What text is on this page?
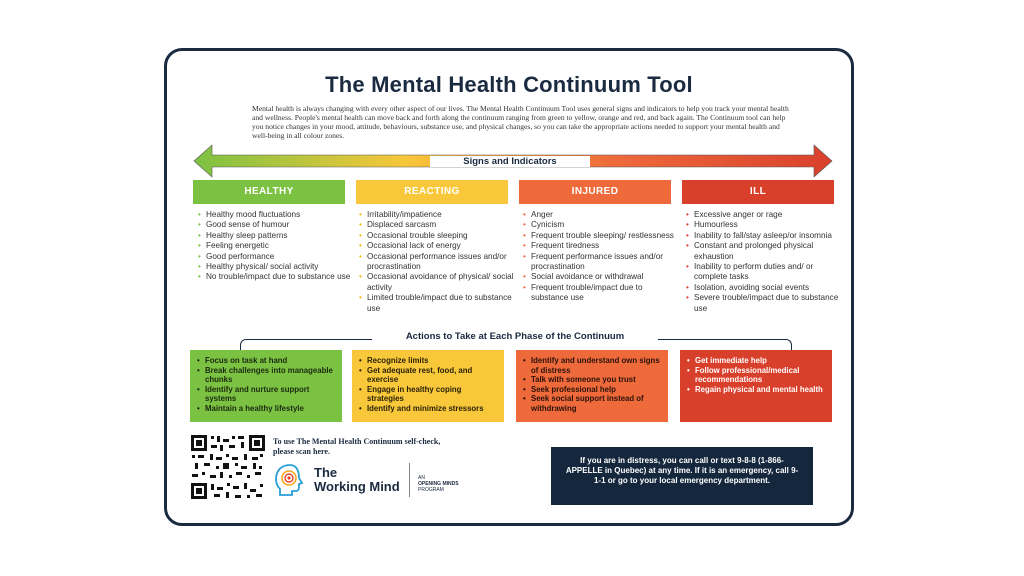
The Mental Health Continuum Tool
Mental health is always changing with every other aspect of our lives. The Mental Health Continuum Tool uses general signs and indicators to help you track your mental health and wellness. People's mental health can move back and forth along the continuum ranging from green to yellow, orange and red, and back again. The Continuum tool can help you notice changes in your mood, attitude, behaviours, substance use, and physical changes, so you can take the appropriate actions needed to support your mental health and well-being in all colour zones.
Signs and Indicators
HEALTHY	REACTING	INJURED	ILL
• Healthy mood fluctuations
• Good sense of humour
• Healthy sleep patterns
• Feeling energetic
• Good performance
• Healthy physical/ social activity
• No trouble/impact due to substance use
• Irritability/impatience
• Displaced sarcasm
• Occasional trouble sleeping
• Occasional lack of energy
• Occasional performance issues and/or procrastination
• Occasional avoidance of physical/ social activity
• Limited trouble/impact due to substance use
• Anger
• Cynicism
• Frequent trouble sleeping/ restlessness
• Frequent tiredness
• Frequent performance issues and/or procrastination
• Social avoidance or withdrawal
• Frequent trouble/impact due to substance use
• Excessive anger or rage
• Humourless
• Inability to fall/stay asleep/or insomnia
• Constant and prolonged physical exhaustion
• Inability to perform duties and/ or complete tasks
• Isolation, avoiding social events
• Severe trouble/impact due to substance use
Actions to Take at Each Phase of the Continuum
• Focus on task at hand
• Break challenges into manageable chunks
• Identify and nurture support systems
• Maintain a healthy lifestyle
• Recognize limits
• Get adequate rest, food, and exercise
• Engage in healthy coping strategies
• Identify and minimize stressors
• Identify and understand own signs of distress
• Talk with someone you trust
• Seek professional help
• Seek social support instead of withdrawing
• Get immediate help
• Follow professional/medical recommendations
• Regain physical and mental health
To use The Mental Health Continuum self-check, please scan here.
The
Working Mind
AN
OPENING MINDS
PROGRAM
If you are in distress, you can call or text 9-8-8 (1-866-APPELLE in Quebec) at any time. If it is an emergency, call 9-1-1 or go to your local emergency department.
